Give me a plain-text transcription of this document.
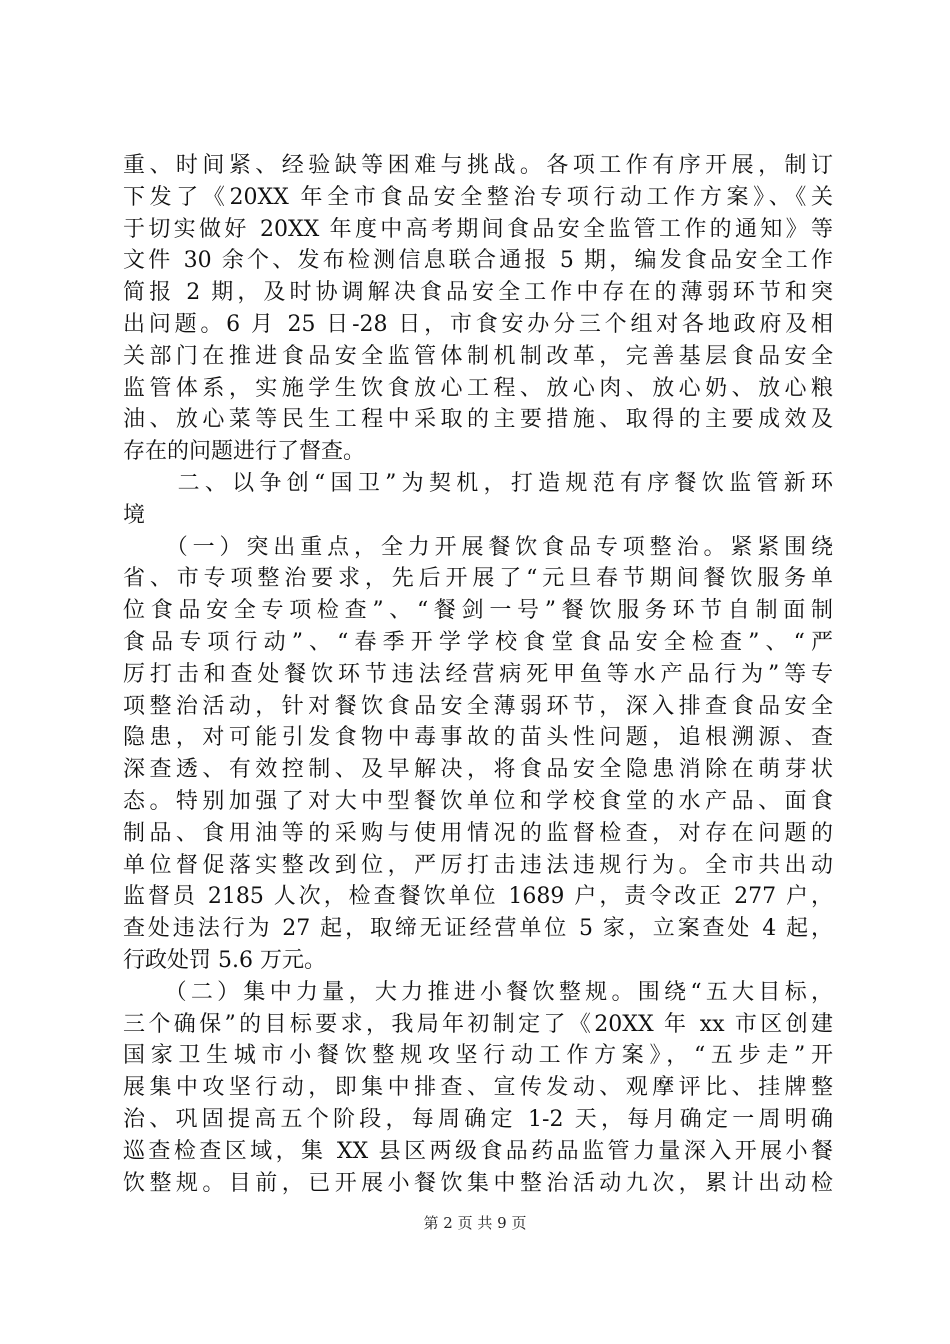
重、时间紧、经验缺等困难与挑战。各项工作有序开展，制订
下发了《20XX 年全市食品安全整治专项行动工作方案》、《关
于切实做好 20XX 年度中高考期间食品安全监管工作的通知》等
文件 30 余个、发布检测信息联合通报 5 期，编发食品安全工作
简报 2 期，及时协调解决食品安全工作中存在的薄弱环节和突
出问题。6 月 25 日-28 日，市食安办分三个组对各地政府及相
关部门在推进食品安全监管体制机制改革，完善基层食品安全
监管体系，实施学生饮食放心工程、放心肉、放心奶、放心粮
油、放心菜等民生工程中采取的主要措施、取得的主要成效及
存在的问题进行了督查。
　　二、以争创“国卫”为契机，打造规范有序餐饮监管新环
境
　　（一）突出重点，全力开展餐饮食品专项整治。紧紧围绕
省、市专项整治要求，先后开展了“元旦春节期间餐饮服务单
位食品安全专项检查”、“餐剑一号”餐饮服务环节自制面制
食品专项行动”、“春季开学学校食堂食品安全检查”、“严
厉打击和查处餐饮环节违法经营病死甲鱼等水产品行为”等专
项整治活动，针对餐饮食品安全薄弱环节，深入排查食品安全
隐患，对可能引发食物中毒事故的苗头性问题，追根溯源、查
深查透、有效控制、及早解决，将食品安全隐患消除在萌芽状
态。特别加强了对大中型餐饮单位和学校食堂的水产品、面食
制品、食用油等的采购与使用情况的监督检查，对存在问题的
单位督促落实整改到位，严厉打击违法违规行为。全市共出动
监督员 2185 人次，检查餐饮单位 1689 户，责令改正 277 户，
查处违法行为 27 起，取缔无证经营单位 5 家，立案查处 4 起，
行政处罚 5.6 万元。
　　（二）集中力量，大力推进小餐饮整规。围绕“五大目标，
三个确保”的目标要求，我局年初制定了《20XX 年 xx 市区创建
国家卫生城市小餐饮整规攻坚行动工作方案》，“五步走”开
展集中攻坚行动，即集中排查、宣传发动、观摩评比、挂牌整
治、巩固提高五个阶段，每周确定 1-2 天，每月确定一周明确
巡查检查区域，集 XX 县区两级食品药品监管力量深入开展小餐
饮整规。目前，已开展小餐饮集中整治活动九次，累计出动检
第 2 页 共 9 页
